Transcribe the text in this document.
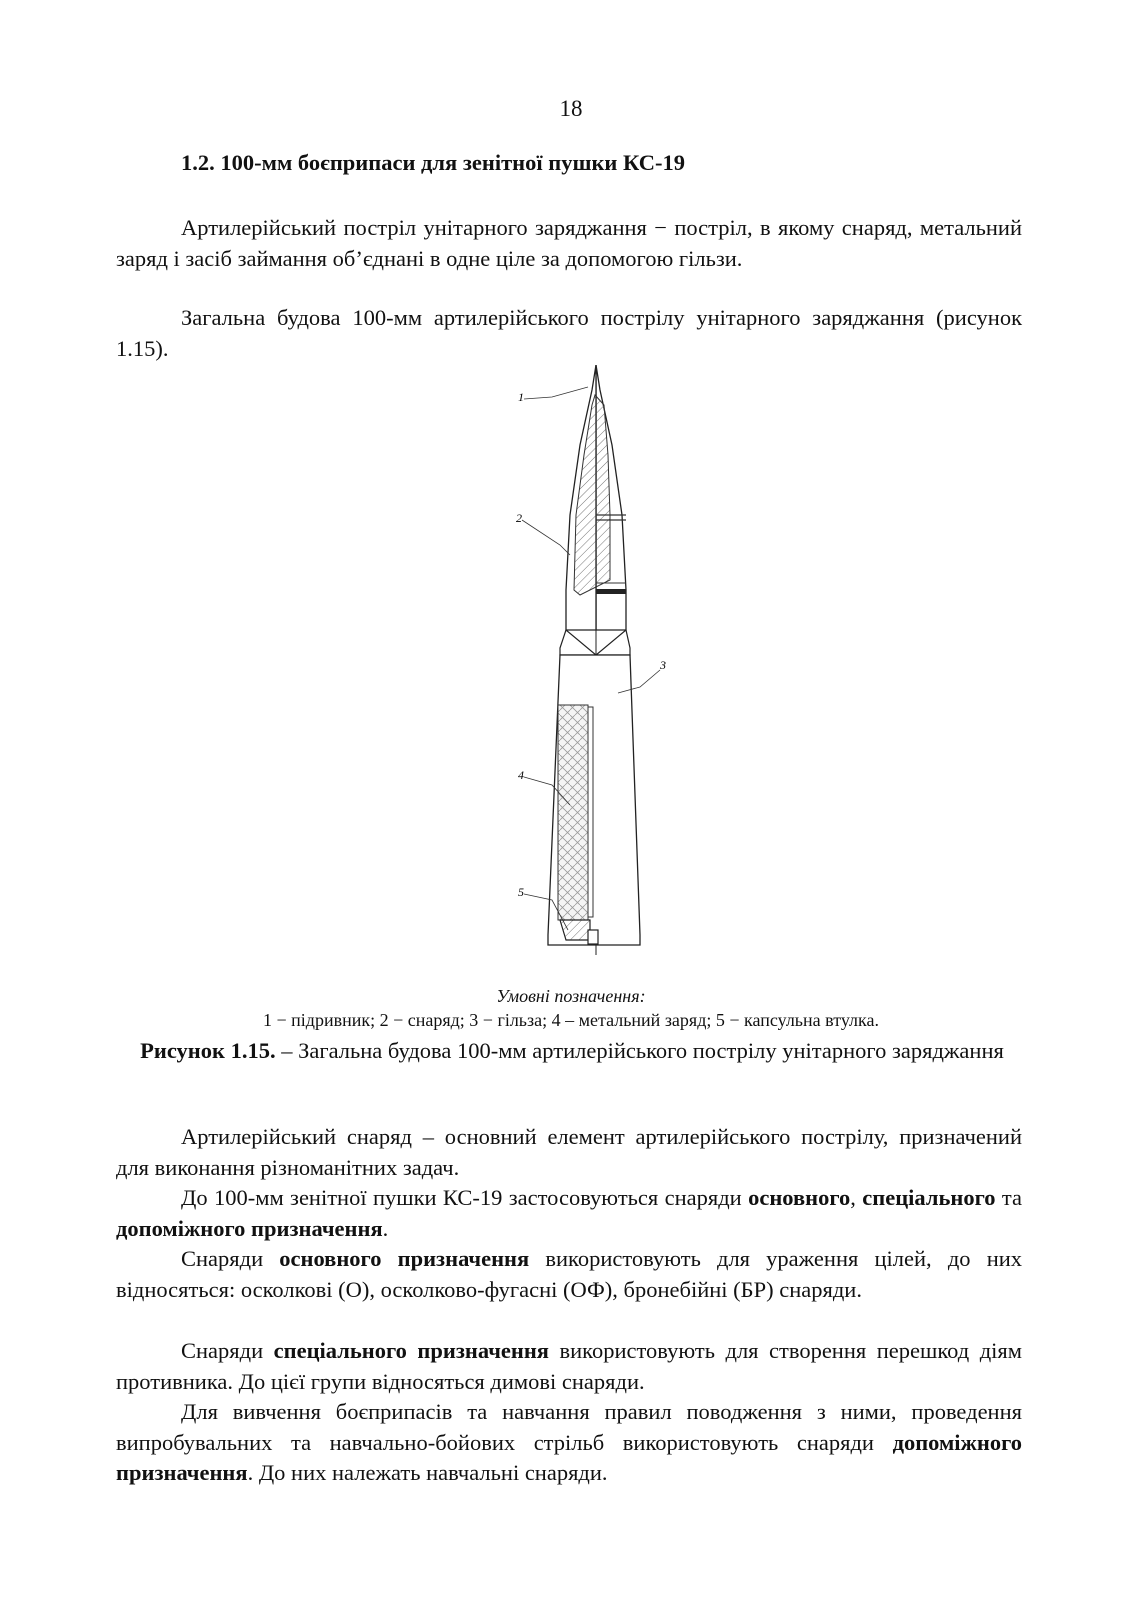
18
1.2. 100-мм боєприпаси для зенітної пушки КС-19

Артилерійський постріл унітарного заряджання − постріл, в якому снаряд, метальний заряд і засіб займання об’єднані в одне ціле за допомогою гільзи.

Загальна будова 100-мм артилерійського пострілу унітарного заряджання (рисунок 1.15).

1
2
3
4
5
Умовні позначення:
1 − підривник; 2 − снаряд; 3 − гільза; 4 – метальний заряд; 5 − капсульна втулка.
Рисунок 1.15. – Загальна будова 100-мм артилерійського пострілу унітарного заряджання

Артилерійський снаряд – основний елемент артилерійського пострілу, призначений для виконання різноманітних задач.

До 100-мм зенітної пушки КС-19 застосовуються снаряди основного, спеціального та допоміжного призначення.

Снаряди основного призначення використовують для ураження цілей, до них відносяться: осколкові (О), осколково-фугасні (ОФ), бронебійні (БР) снаряди.

Снаряди спеціального призначення використовують для створення перешкод діям противника. До цієї групи відносяться димові снаряди.

Для вивчення боєприпасів та навчання правил поводження з ними, проведення випробувальних та навчально-бойових стрільб використовують снаряди допоміжного призначення. До них належать навчальні снаряди.
